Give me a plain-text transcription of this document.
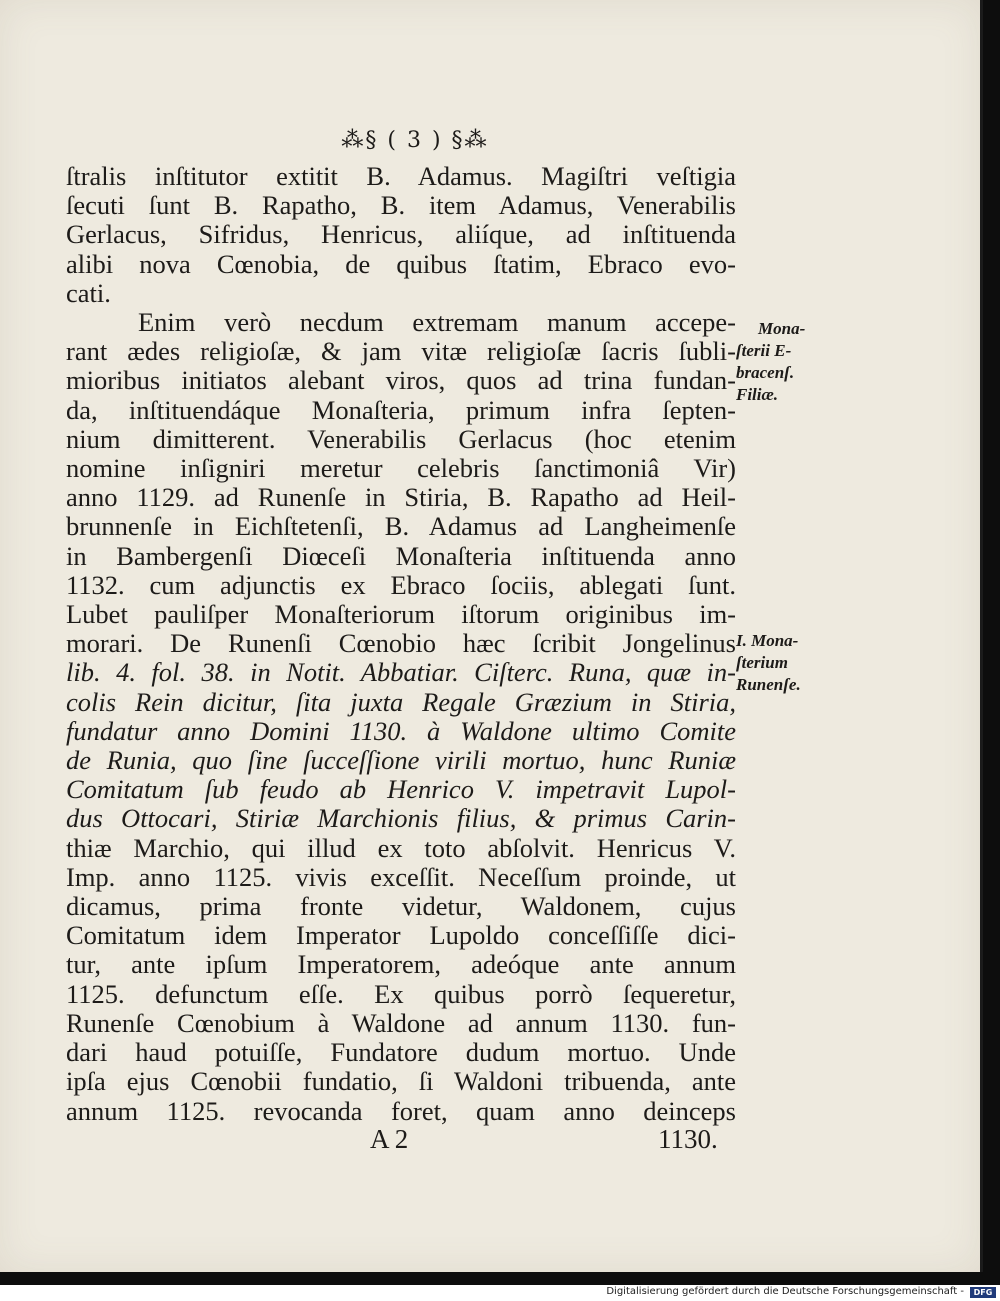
⁂§ ( 3 ) §⁂

ſtralis inſtitutor extitit B. Adamus. Magiſtri veſtigia

ſecuti ſunt B. Rapatho, B. item Adamus, Venerabilis

Gerlacus, Sifridus, Henricus, aliíque, ad inſtituenda

alibi nova Cœnobia, de quibus ſtatim, Ebraco evo-

cati.

Enim verò necdum extremam manum accepe-

rant ædes religioſæ, & jam vitæ religioſæ ſacris ſubli-

mioribus initiatos alebant viros, quos ad trina fundan-

da, inſtituendáque Monaſteria, primum infra ſepten-

nium dimitterent. Venerabilis Gerlacus (hoc etenim

nomine inſigniri meretur celebris ſanctimoniâ Vir)

anno 1129. ad Runenſe in Stiria, B. Rapatho ad Heil-

brunnenſe in Eichſtetenſi, B. Adamus ad Langheimenſe

in Bambergenſi Diœceſi Monaſteria inſtituenda anno

1132. cum adjunctis ex Ebraco ſociis, ablegati ſunt.

Lubet pauliſper Monaſteriorum iſtorum originibus im-

morari. De Runenſi Cœnobio hæc ſcribit Jongelinus

lib. 4. fol. 38. in Notit. Abbatiar. Ciſterc. Runa, quæ in-

colis Rein dicitur, ſita juxta Regale Græzium in Stiria,

fundatur anno Domini 1130. à Waldone ultimo Comite

de Runia, quo ſine ſucceſſione virili mortuo, hunc Runiæ

Comitatum ſub feudo ab Henrico V. impetravit Lupol-

dus Ottocari, Stiriæ Marchionis filius, & primus Carin-

thiæ Marchio, qui illud ex toto abſolvit. Henricus V.

Imp. anno 1125. vivis exceſſit. Neceſſum proinde, ut

dicamus, prima fronte videtur, Waldonem, cujus

Comitatum idem Imperator Lupoldo conceſſiſſe dici-

tur, ante ipſum Imperatorem, adeóque ante annum

1125. defunctum eſſe. Ex quibus porrò ſequeretur,

Runenſe Cœnobium à Waldone ad annum 1130. fun-

dari haud potuiſſe, Fundatore dudum mortuo. Unde

ipſa ejus Cœnobii fundatio, ſi Waldoni tribuenda, ante

annum 1125. revocanda foret, quam anno deinceps

Mona-
ſterii E-
bracenſ.
Filiæ.
I. Mona-
ſterium
Runenſe.
A 2	1130.
Digitalisierung gefördert durch die Deutsche Forschungsgemeinschaft -	DFG
